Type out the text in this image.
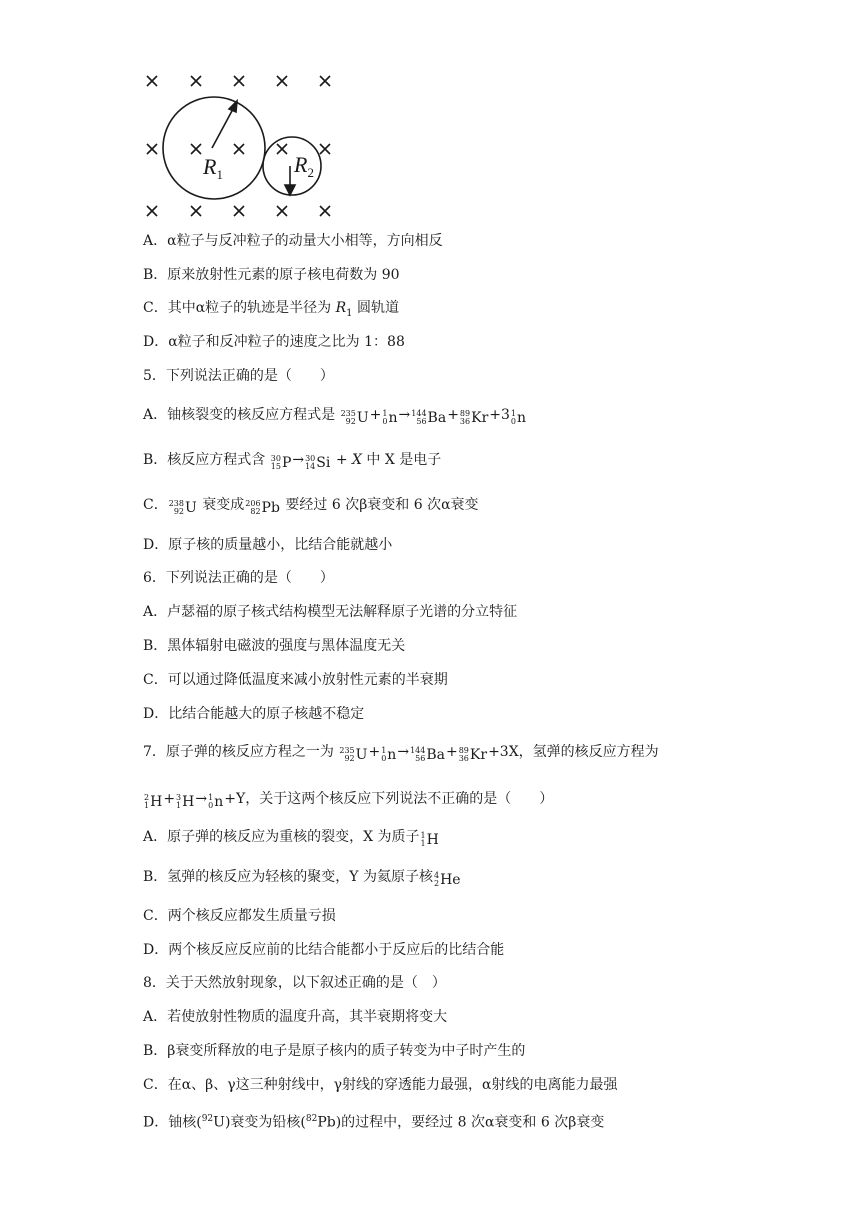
$R_1$	$R_2$
A．α粒子与反冲粒子的动量大小相等，方向相反
B．原来放射性元素的原子核电荷数为 90
C．其中α粒子的轨迹是半径为 $R_1$ 圆轨道
D．α粒子和反冲粒子的速度之比为 1：88
5．下列说法正确的是（　　）
A．铀核裂变的核反应方程式是 235
92 U+ 1
0 n→ 144
56 Ba+ 89
36 Kr+3 1
0 n
B．核反应方程式含 30
15 P→ 30
14 Si + X 中 X 是电子
C． 238
92 U 衰变成 206
82 Pb 要经过 6 次β衰变和 6 次α衰变
D．原子核的质量越小，比结合能就越小
6．下列说法正确的是（　　）
A．卢瑟福的原子核式结构模型无法解释原子光谱的分立特征
B．黑体辐射电磁波的强度与黑体温度无关
C．可以通过降低温度来减小放射性元素的半衰期
D．比结合能越大的原子核越不稳定
7．原子弹的核反应方程之一为 235
92 U+ 1
0 n→ 144
56 Ba+ 89
36 Kr+3X，氢弹的核反应方程为
2
1 H+ 3
1 H→ 1
0 n+Y，关于这两个核反应下列说法不正确的是（　　）
A．原子弹的核反应为重核的裂变，X 为质子 1
1 H
B．氢弹的核反应为轻核的聚变，Y 为氦原子核 4
2 He
C．两个核反应都发生质量亏损
D．两个核反应反应前的比结合能都小于反应后的比结合能
8．关于天然放射现象，以下叙述正确的是（　）
A．若使放射性物质的温度升高，其半衰期将变大
B．β衰变所释放的电子是原子核内的质子转变为中子时产生的
C．在α、β、γ这三种射线中，γ射线的穿透能力最强，α射线的电离能力最强
D．铀核($^{92}$U)衰变为铅核($^{82}$Pb)的过程中，要经过 8 次α衰变和 6 次β衰变
